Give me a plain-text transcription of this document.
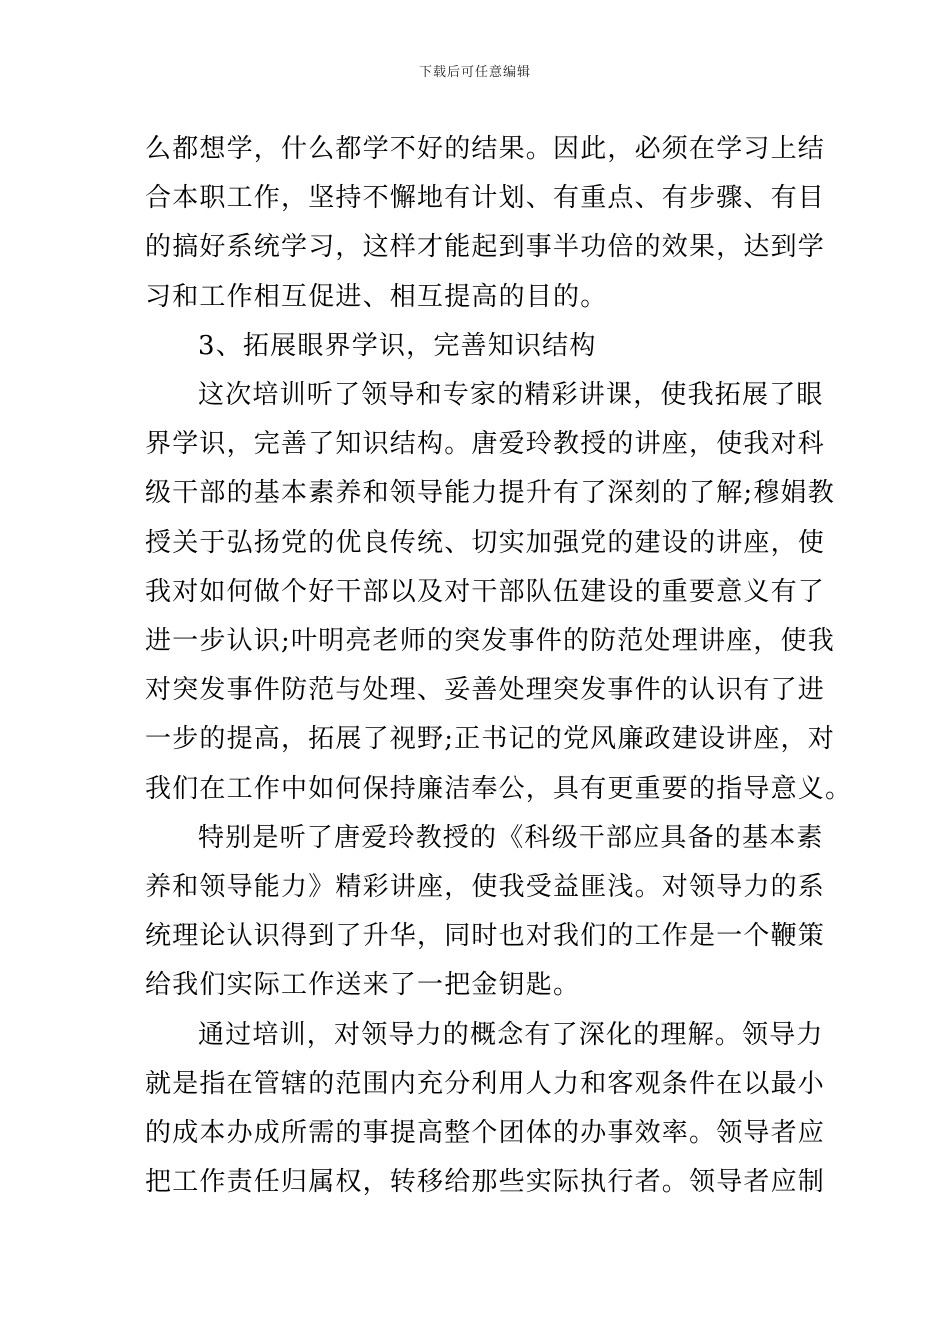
下载后可任意编辑
么都想学，什么都学不好的结果。因此，必须在学习上结
合本职工作，坚持不懈地有计划、有重点、有步骤、有目
的搞好系统学习，这样才能起到事半功倍的效果，达到学
习和工作相互促进、相互提高的目的。
3、拓展眼界学识，完善知识结构
这次培训听了领导和专家的精彩讲课，使我拓展了眼
界学识，完善了知识结构。唐爱玲教授的讲座，使我对科
级干部的基本素养和领导能力提升有了深刻的了解;穆娟教
授关于弘扬党的优良传统、切实加强党的建设的讲座，使
我对如何做个好干部以及对干部队伍建设的重要意义有了
进一步认识;叶明亮老师的突发事件的防范处理讲座，使我
对突发事件防范与处理、妥善处理突发事件的认识有了进
一步的提高，拓展了视野;正书记的党风廉政建设讲座，对
我们在工作中如何保持廉洁奉公，具有更重要的指导意义。
特别是听了唐爱玲教授的《科级干部应具备的基本素
养和领导能力》精彩讲座，使我受益匪浅。对领导力的系
统理论认识得到了升华，同时也对我们的工作是一个鞭策
给我们实际工作送来了一把金钥匙。
通过培训，对领导力的概念有了深化的理解。领导力
就是指在管辖的范围内充分利用人力和客观条件在以最小
的成本办成所需的事提高整个团体的办事效率。领导者应
把工作责任归属权，转移给那些实际执行者。领导者应制
